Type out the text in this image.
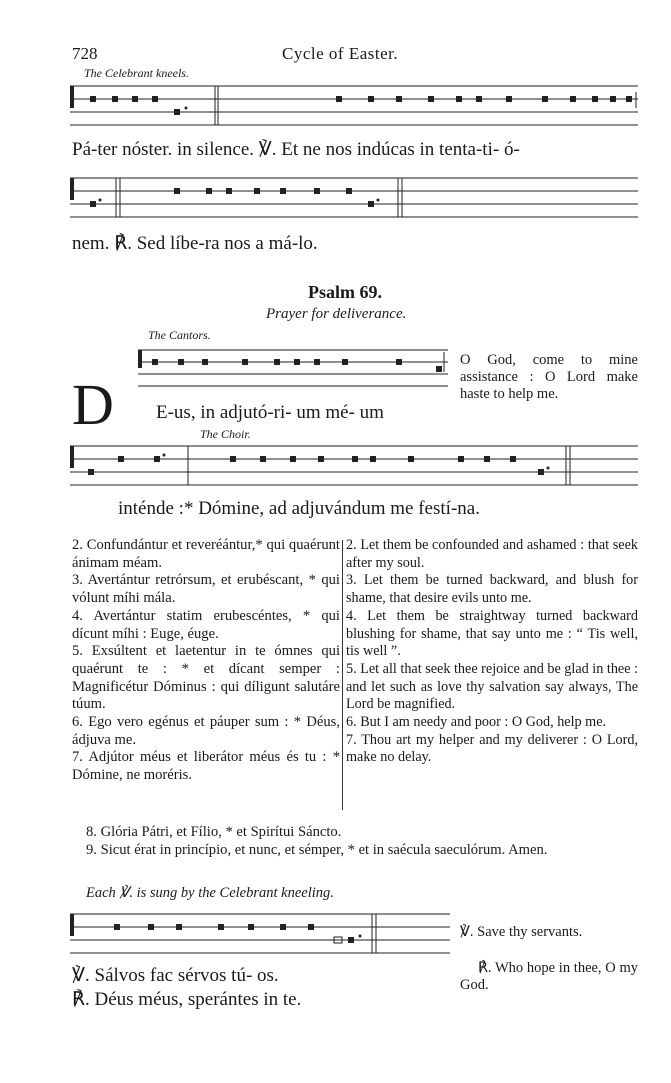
728	Cycle of Easter.
The Celebrant kneels.
Pá-ter nóster. in silence. ℣. Et ne nos indúcas in tenta-ti- ó-
nem. ℟. Sed líbe-ra nos a má-lo.
Psalm 69.
Prayer for deliverance.
The Cantors.
O God, come to mine assistance : O Lord make haste to help me.
D E-us, in adjutó-ri- um mé- um
The Choir.
inténde :* Dómine, ad adjuvándum me festí-na.

2. Confundántur et reveréántur,* qui quaérunt ánimam méam.

3. Avertántur retrórsum, et erubéscant, * qui vólunt míhi mála.

4. Avertántur statim erubescéntes, * qui dícunt míhi : Euge, éuge.

5. Exsúltent et laetentur in te ómnes qui quaérunt te : * et dícant semper : Magnificétur Dóminus : qui díligunt salutáre túum.

6. Ego vero egénus et páuper sum : * Déus, ádjuva me.

7. Adjútor méus et liberátor méus és tu : * Dómine, ne moréris.

2. Let them be confounded and ashamed : that seek after my soul.

3. Let them be turned backward, and blush for shame, that desire evils unto me.

4. Let them be straightway turned backward blushing for shame, that say unto me : “ Tis well, tis well ”.

5. Let all that seek thee rejoice and be glad in thee : and let such as love thy salvation say always, The Lord be magnified.

6. But I am needy and poor : O God, help me.

7. Thou art my helper and my deliverer : O Lord, make no delay.

8. Glória Pátri, et Fílio, * et Spirítui Sáncto.

9. Sicut érat in princípio, et nunc, et sémper, * et in saécula saeculórum. Amen.

Each ℣. is sung by the Celebrant kneeling.
℣. Save thy servants.
℟. Who hope in thee, O my God.
℣. Sálvos fac sérvos tú- os.
℟. Déus méus, sperántes in te.
